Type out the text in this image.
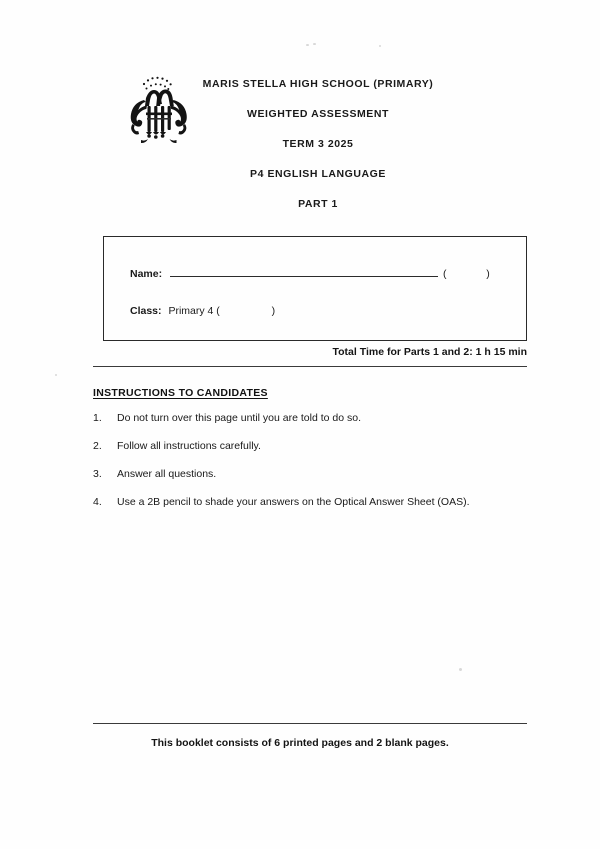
MARIS STELLA HIGH SCHOOL (PRIMARY)
WEIGHTED ASSESSMENT
TERM 3 2025
P4 ENGLISH LANGUAGE
PART 1
Name:	(	)
Class: Primary 4 (	)
Total Time for Parts 1 and 2: 1 h 15 min
INSTRUCTIONS TO CANDIDATES
1. Do not turn over this page until you are told to do so.
2. Follow all instructions carefully.
3. Answer all questions.
4. Use a 2B pencil to shade your answers on the Optical Answer Sheet (OAS).
This booklet consists of 6 printed pages and 2 blank pages.
